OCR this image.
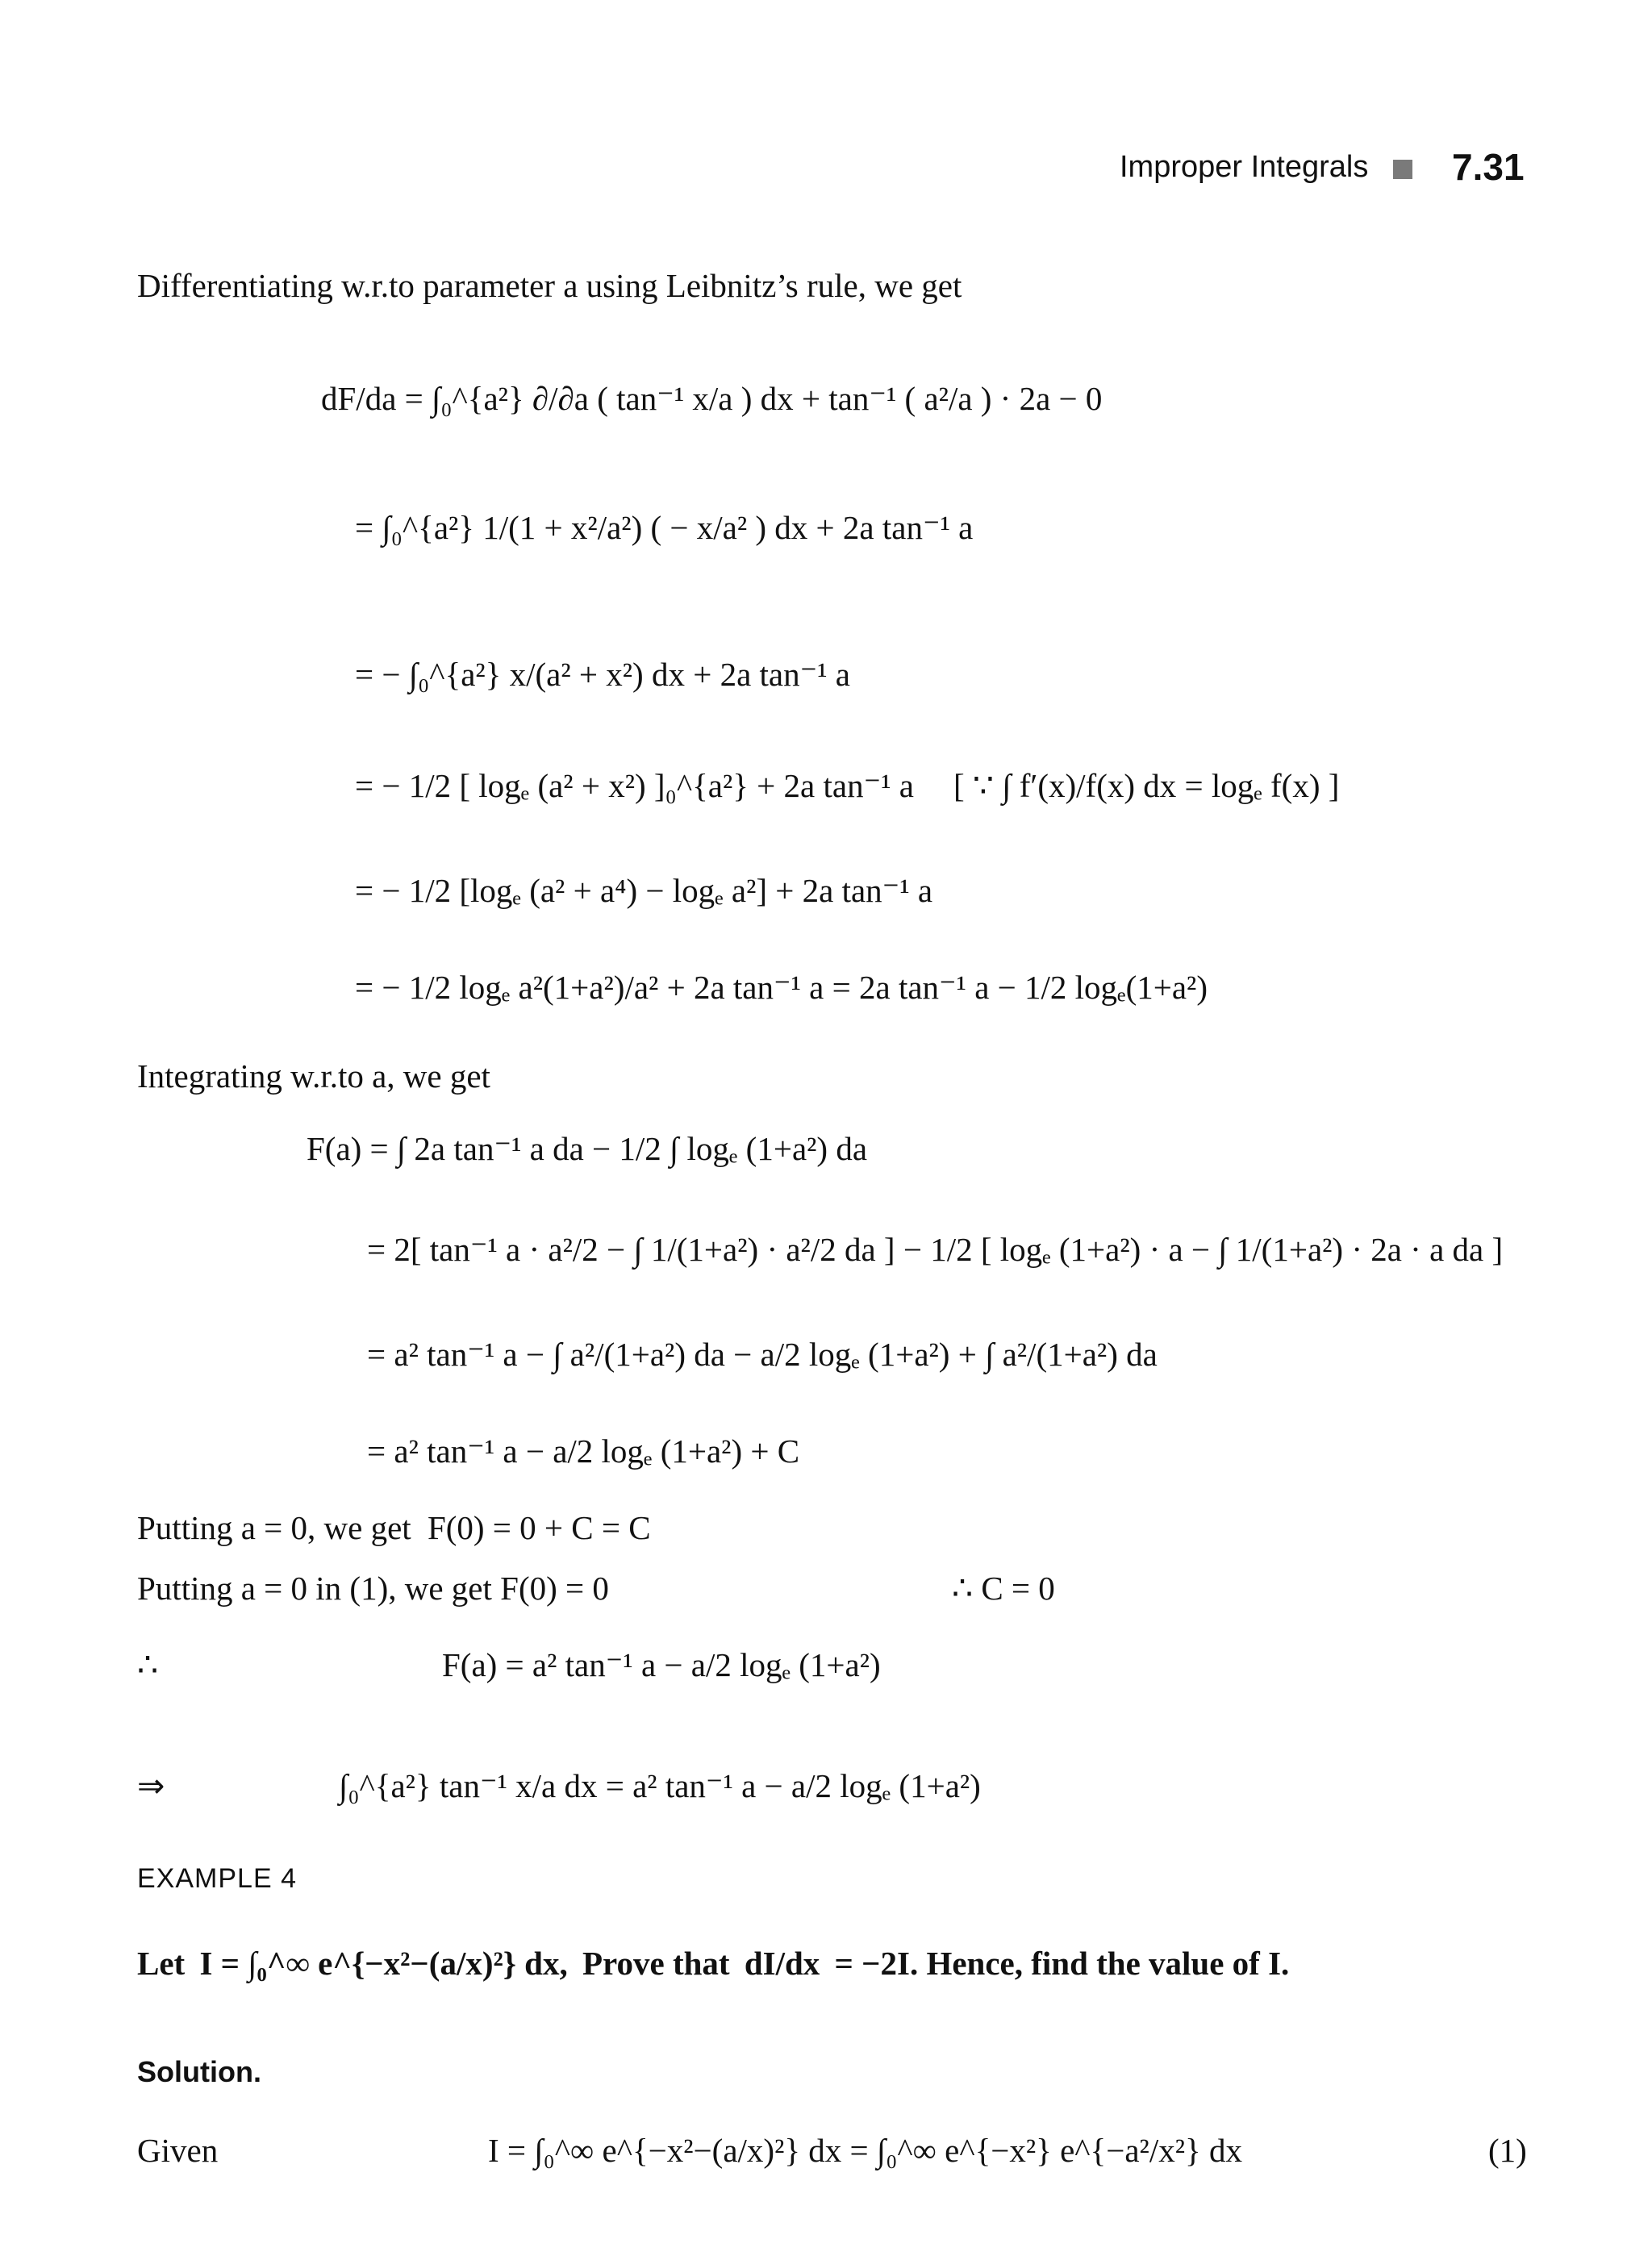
Improper Integrals 7.31
Differentiating w.r.to parameter a using Leibnitz’s rule, we get
dF/da = ∫₀^{a²} ∂/∂a ( tan⁻¹ x/a ) dx + tan⁻¹ ( a²/a ) · 2a − 0
= ∫₀^{a²} 1/(1 + x²/a²) ( − x/a² ) dx + 2a tan⁻¹ a
= − ∫₀^{a²} x/(a² + x²) dx + 2a tan⁻¹ a
= − 1/2 [ logₑ (a² + x²) ]₀^{a²} + 2a tan⁻¹ a [ ∵ ∫ f′(x)/f(x) dx = logₑ f(x) ]
= − 1/2 [logₑ (a² + a⁴) − logₑ a²] + 2a tan⁻¹ a
= − 1/2 logₑ a²(1+a²)/a² + 2a tan⁻¹ a = 2a tan⁻¹ a − 1/2 logₑ(1+a²)
Integrating w.r.to a, we get
F(a) = ∫ 2a tan⁻¹ a da − 1/2 ∫ logₑ (1+a²) da
= 2[ tan⁻¹ a · a²/2 − ∫ 1/(1+a²) · a²/2 da ] − 1/2 [ logₑ (1+a²) · a − ∫ 1/(1+a²) · 2a · a da ]
= a² tan⁻¹ a − ∫ a²/(1+a²) da − a/2 logₑ (1+a²) + ∫ a²/(1+a²) da
= a² tan⁻¹ a − a/2 logₑ (1+a²) + C
Putting a = 0, we get F(0) = 0 + C = C
Putting a = 0 in (1), we get F(0) = 0	∴ C = 0
∴	F(a) = a² tan⁻¹ a − a/2 logₑ (1+a²)
⇒	∫₀^{a²} tan⁻¹ x/a dx = a² tan⁻¹ a − a/2 logₑ (1+a²)
EXAMPLE 4
Let I = ∫₀^∞ e^{−x²−(a/x)²} dx, Prove that dI/dx = −2I. Hence, find the value of I.
Solution.
Given	I = ∫₀^∞ e^{−x²−(a/x)²} dx = ∫₀^∞ e^{−x²} e^{−a²/x²} dx	(1)
